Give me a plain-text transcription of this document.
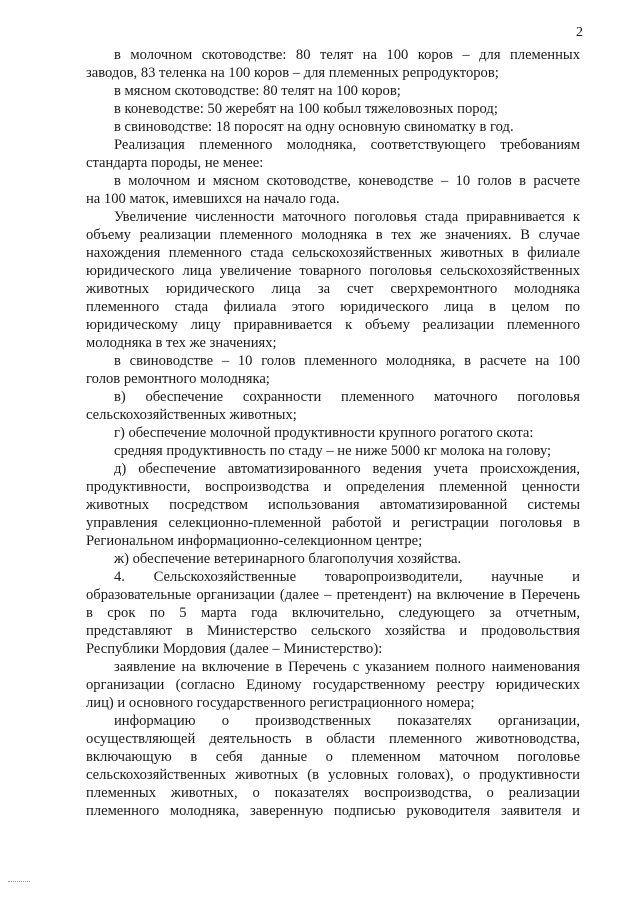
2
в молочном скотоводстве: 80 телят на 100 коров – для племенных
заводов, 83 теленка на 100 коров – для племенных репродукторов;
в мясном скотоводстве: 80 телят на 100 коров;
в коневодстве: 50 жеребят на 100 кобыл тяжеловозных пород;
в свиноводстве: 18 поросят на одну основную свиноматку в год.
Реализация племенного молодняка, соответствующего требованиям
стандарта породы, не менее:
в молочном и мясном скотоводстве, коневодстве – 10 голов в расчете
на 100 маток, имевшихся на начало года.
Увеличение численности маточного поголовья стада приравнивается к
объему реализации племенного молодняка в тех же значениях. В случае
нахождения племенного стада сельскохозяйственных животных в филиале
юридического лица увеличение товарного поголовья сельскохозяйственных
животных юридического лица за счет сверхремонтного молодняка
племенного стада филиала этого юридического лица в целом по
юридическому лицу приравнивается к объему реализации племенного
молодняка в тех же значениях;
в свиноводстве – 10 голов племенного молодняка, в расчете на 100
голов ремонтного молодняка;
в) обеспечение сохранности племенного маточного поголовья
сельскохозяйственных животных;
г) обеспечение молочной продуктивности крупного рогатого скота:
средняя продуктивность по стаду – не ниже 5000 кг молока на голову;
д) обеспечение автоматизированного ведения учета происхождения,
продуктивности, воспроизводства и определения племенной ценности
животных посредством использования автоматизированной системы
управления селекционно-племенной работой и регистрации поголовья в
Региональном информационно-селекционном центре;
ж) обеспечение ветеринарного благополучия хозяйства.
4. Сельскохозяйственные товаропроизводители, научные и
образовательные организации (далее – претендент) на включение в Перечень
в срок по 5 марта года включительно, следующего за отчетным,
представляют в Министерство сельского хозяйства и продовольствия
Республики Мордовия (далее – Министерство):
заявление на включение в Перечень с указанием полного наименования
организации (согласно Единому государственному реестру юридических
лиц) и основного государственного регистрационного номера;
информацию о производственных показателях организации,
осуществляющей деятельность в области племенного животноводства,
включающую в себя данные о племенном маточном поголовье
сельскохозяйственных животных (в условных головах), о продуктивности
племенных животных, о показателях воспроизводства, о реализации
племенного молодняка, заверенную подписью руководителя заявителя и
